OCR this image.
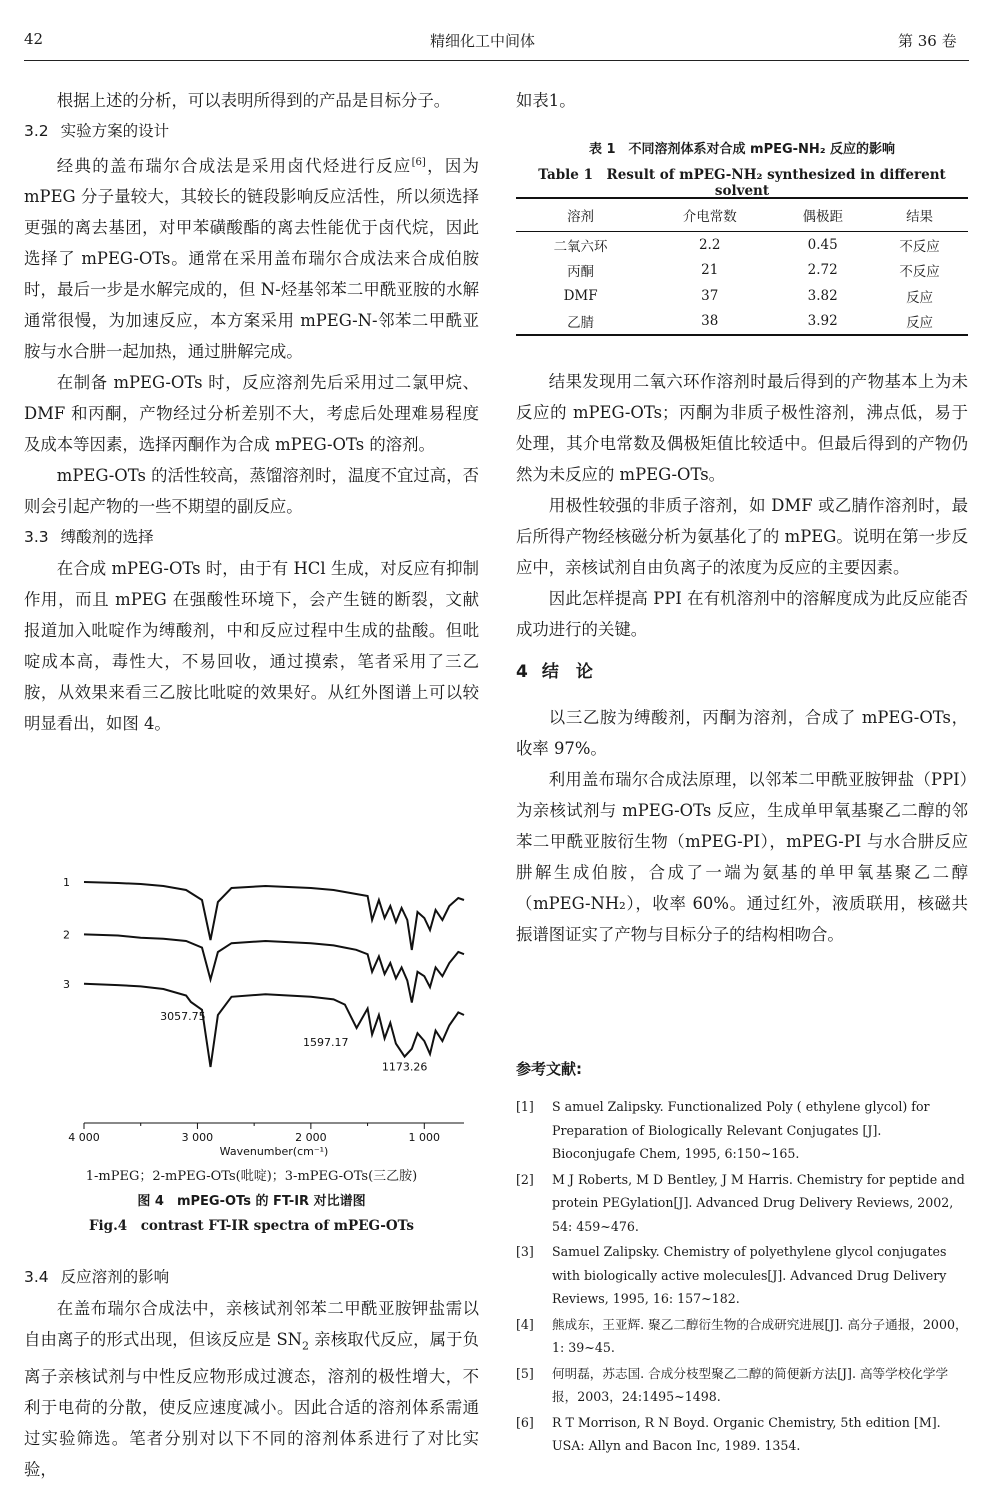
42	精细化工中间体	第 36 卷

根据上述的分析，可以表明所得到的产品是目标分子。

3.2 实验方案的设计

经典的盖布瑞尔合成法是采用卤代烃进行反应[6]，因为 mPEG 分子量较大，其较长的链段影响反应活性，所以须选择更强的离去基团，对甲苯磺酸酯的离去性能优于卤代烷，因此选择了 mPEG-OTs。通常在采用盖布瑞尔合成法来合成伯胺时，最后一步是水解完成的，但 N-烃基邻苯二甲酰亚胺的水解通常很慢，为加速反应，本方案采用 mPEG-N-邻苯二甲酰亚胺与水合肼一起加热，通过肼解完成。

在制备 mPEG-OTs 时，反应溶剂先后采用过二氯甲烷、DMF 和丙酮，产物经过分析差别不大，考虑后处理难易程度及成本等因素，选择丙酮作为合成 mPEG-OTs 的溶剂。

mPEG-OTs 的活性较高，蒸馏溶剂时，温度不宜过高，否则会引起产物的一些不期望的副反应。

3.3 缚酸剂的选择

在合成 mPEG-OTs 时，由于有 HCl 生成，对反应有抑制作用，而且 mPEG 在强酸性环境下，会产生链的断裂，文献报道加入吡啶作为缚酸剂，中和反应过程中生成的盐酸。但吡啶成本高，毒性大，不易回收，通过摸索，笔者采用了三乙胺，从效果来看三乙胺比吡啶的效果好。从红外图谱上可以较明显看出，如图 4。

4 000	3 000	2 000	1 000
Wavenumber(cm⁻¹)
1
2
3
3057.75
1597.17
1173.26
1-mPEG；2-mPEG-OTs(吡啶)；3-mPEG-OTs(三乙胺)
图 4　mPEG-OTs 的 FT-IR 对比谱图
Fig.4　contrast FT-IR spectra of mPEG-OTs
3.4 反应溶剂的影响

在盖布瑞尔合成法中，亲核试剂邻苯二甲酰亚胺钾盐需以自由离子的形式出现，但该反应是 $SN_2$ 亲核取代反应，属于负离子亲核试剂与中性反应物形成过渡态，溶剂的极性增大，不利于电荷的分散，使反应速度减小。因此合适的溶剂体系需通过实验筛选。笔者分别对以下不同的溶剂体系进行了对比实验，

如表1。

表 1　不同溶剂体系对合成 mPEG-NH₂ 反应的影响
Table 1　Result of mPEG-NH₂ synthesized in different solvent
溶剂	介电常数	偶极距	结果
二氧六环	2.2	0.45	不反应
丙酮	21	2.72	不反应
DMF	37	3.82	反应
乙腈	38	3.92	反应

结果发现用二氧六环作溶剂时最后得到的产物基本上为未反应的 mPEG-OTs；丙酮为非质子极性溶剂，沸点低，易于处理，其介电常数及偶极矩值比较适中。但最后得到的产物仍然为未反应的 mPEG-OTs。

用极性较强的非质子溶剂，如 DMF 或乙腈作溶剂时，最后所得产物经核磁分析为氨基化了的 mPEG。说明在第一步反应中，亲核试剂自由负离子的浓度为反应的主要因素。

因此怎样提高 PPI 在有机溶剂中的溶解度成为此反应能否成功进行的关键。

4 结　论

以三乙胺为缚酸剂，丙酮为溶剂，合成了 mPEG-OTs，收率 97%。

利用盖布瑞尔合成法原理，以邻苯二甲酰亚胺钾盐（PPI）为亲核试剂与 mPEG-OTs 反应，生成单甲氧基聚乙二醇的邻苯二甲酰亚胺衍生物（mPEG-PI），mPEG-PI 与水合肼反应肼解生成伯胺，合成了一端为氨基的单甲氧基聚乙二醇（mPEG-NH₂），收率 60%。通过红外，液质联用，核磁共振谱图证实了产物与目标分子的结构相吻合。

参考文献:
[1] S amuel Zalipsky. Functionalized Poly ( ethylene glycol) for Preparation of Biologically Relevant Conjugates [J]. Bioconjugafe Chem, 1995, 6:150~165.
[2] M J Roberts, M D Bentley, J M Harris. Chemistry for peptide and protein PEGylation[J]. Advanced Drug Delivery Reviews, 2002, 54: 459~476.
[3] Samuel Zalipsky. Chemistry of polyethylene glycol conjugates with biologically active molecules[J]. Advanced Drug Delivery Reviews, 1995, 16: 157~182.
[4] 熊成东，王亚辉. 聚乙二醇衍生物的合成研究进展[J]. 高分子通报，2000，1: 39~45.
[5] 何明磊，苏志国. 合成分枝型聚乙二醇的简便新方法[J]. 高等学校化学学报，2003，24:1495~1498.
[6] R T Morrison, R N Boyd. Organic Chemistry, 5th edition [M]. USA: Allyn and Bacon Inc, 1989. 1354.
